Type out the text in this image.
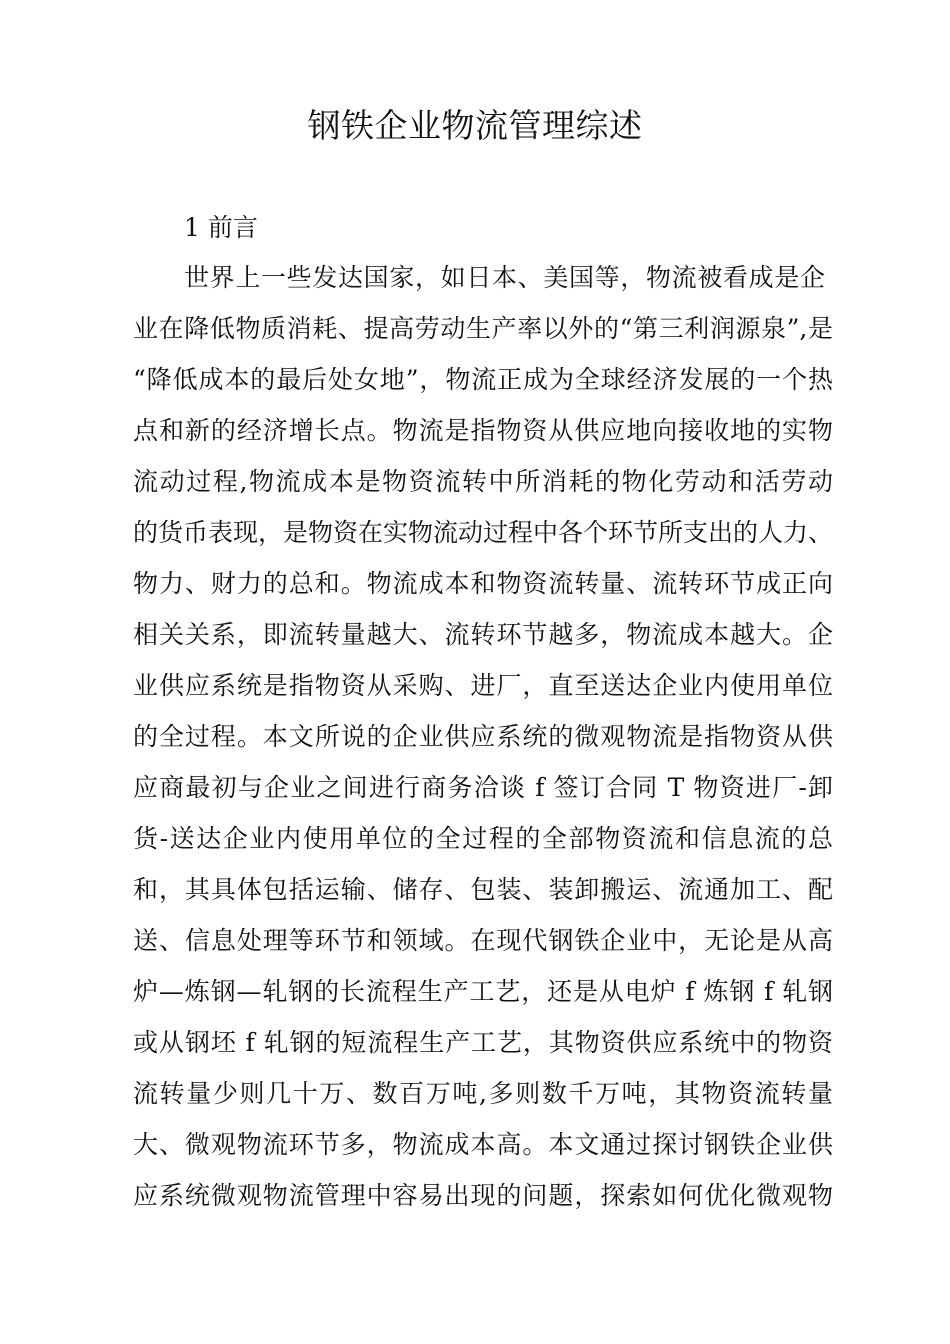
钢铁企业物流管理综述
1 前言
世界上一些发达国家，如日本、美国等，物流被看成是企
业在降低物质消耗、提高劳动生产率以外的“第三利润源泉”,是
“降低成本的最后处女地”，物流正成为全球经济发展的一个热
点和新的经济增长点。物流是指物资从供应地向接收地的实物
流动过程,物流成本是物资流转中所消耗的物化劳动和活劳动
的货币表现，是物资在实物流动过程中各个环节所支出的人力、
物力、财力的总和。物流成本和物资流转量、流转环节成正向
相关关系，即流转量越大、流转环节越多，物流成本越大。企
业供应系统是指物资从采购、进厂，直至送达企业内使用单位
的全过程。本文所说的企业供应系统的微观物流是指物资从供
应商最初与企业之间进行商务洽谈 f 签订合同 T 物资进厂-卸
货-送达企业内使用单位的全过程的全部物资流和信息流的总
和，其具体包括运输、储存、包装、装卸搬运、流通加工、配
送、信息处理等环节和领域。在现代钢铁企业中，无论是从高
炉—炼钢—轧钢的长流程生产工艺，还是从电炉 f 炼钢 f 轧钢
或从钢坯 f 轧钢的短流程生产工艺，其物资供应系统中的物资
流转量少则几十万、数百万吨,多则数千万吨，其物资流转量
大、微观物流环节多，物流成本高。本文通过探讨钢铁企业供
应系统微观物流管理中容易出现的问题，探索如何优化微观物
